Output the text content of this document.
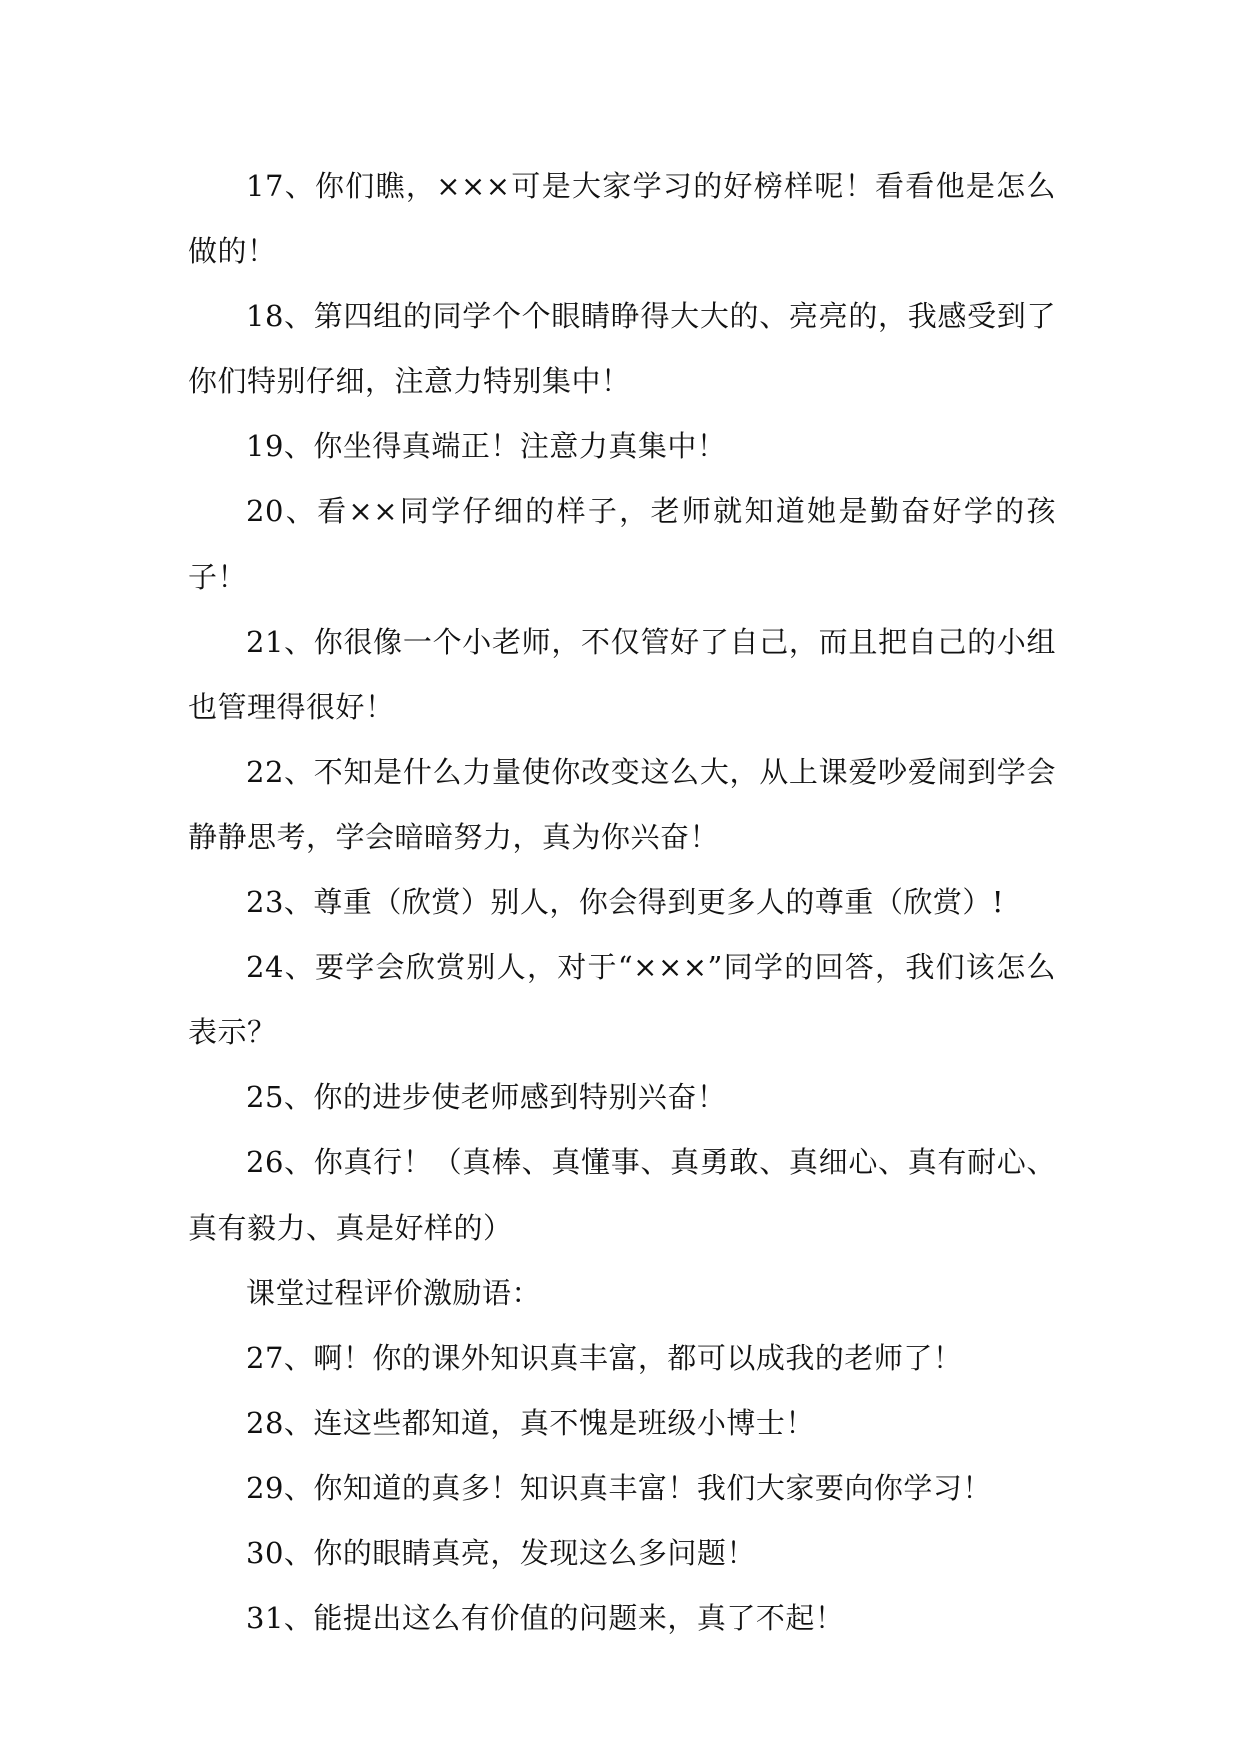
17、你们瞧，×××可是大家学习的好榜样呢！看看他是怎么做的！

18、第四组的同学个个眼睛睁得大大的、亮亮的，我感受到了你们特别仔细，注意力特别集中！

19、你坐得真端正！注意力真集中！

20、看××同学仔细的样子，老师就知道她是勤奋好学的孩子！

21、你很像一个小老师，不仅管好了自己，而且把自己的小组也管理得很好！

22、不知是什么力量使你改变这么大，从上课爱吵爱闹到学会静静思考，学会暗暗努力，真为你兴奋！

23、尊重（欣赏）别人，你会得到更多人的尊重（欣赏）!

24、要学会欣赏别人，对于“×××”同学的回答，我们该怎么表示？

25、你的进步使老师感到特别兴奋！

26、你真行！（真棒、真懂事、真勇敢、真细心、真有耐心、真有毅力、真是好样的）

课堂过程评价激励语：

27、啊！你的课外知识真丰富，都可以成我的老师了！

28、连这些都知道，真不愧是班级小博士！

29、你知道的真多！知识真丰富！我们大家要向你学习！

30、你的眼睛真亮，发现这么多问题！

31、能提出这么有价值的问题来，真了不起！
